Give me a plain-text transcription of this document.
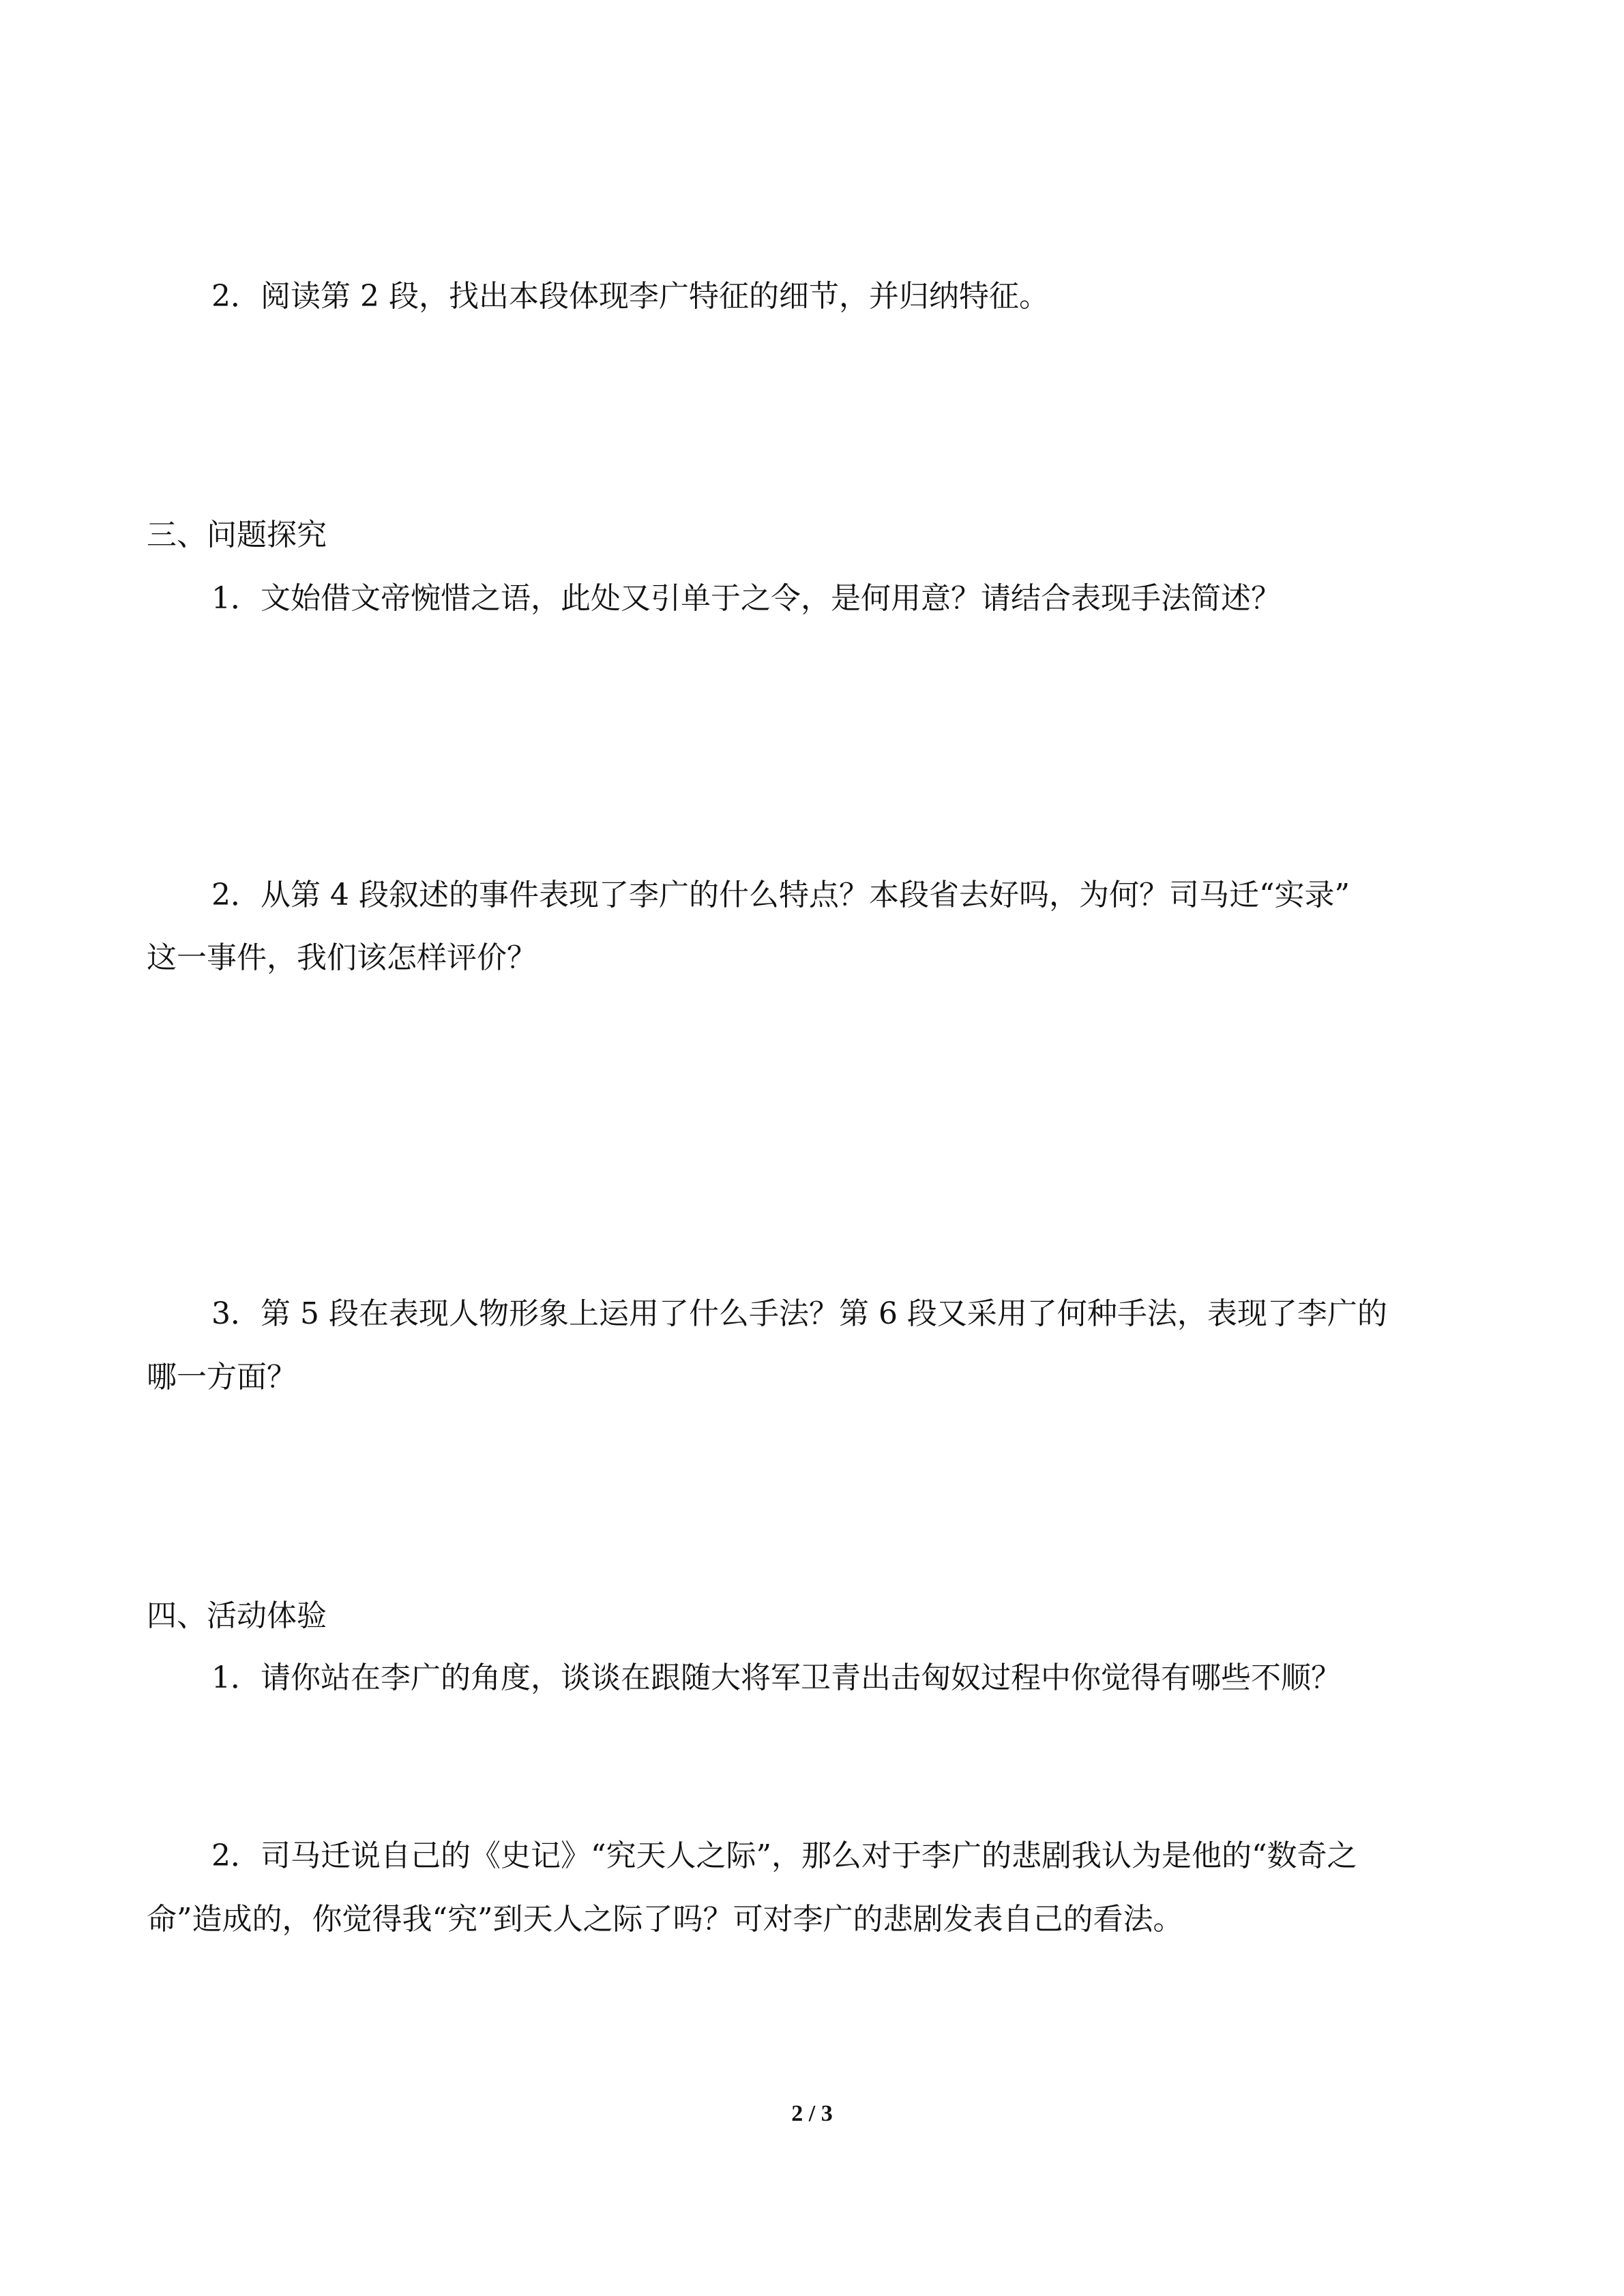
2．阅读第 2 段，找出本段体现李广特征的细节，并归纳特征。
三、问题探究
1．文始借文帝惋惜之语，此处又引单于之令，是何用意？请结合表现手法简述？
2．从第 4 段叙述的事件表现了李广的什么特点？本段省去好吗，为何？司马迁“实录”
这一事件，我们该怎样评价？
3．第 5 段在表现人物形象上运用了什么手法？第 6 段又采用了何种手法，表现了李广的
哪一方面？
四、活动体验
1．请你站在李广的角度，谈谈在跟随大将军卫青出击匈奴过程中你觉得有哪些不顺？
2．司马迁说自己的《史记》“究天人之际”，那么对于李广的悲剧我认为是他的“数奇之
命”造成的，你觉得我“究”到天人之际了吗？可对李广的悲剧发表自己的看法。
2 / 3
